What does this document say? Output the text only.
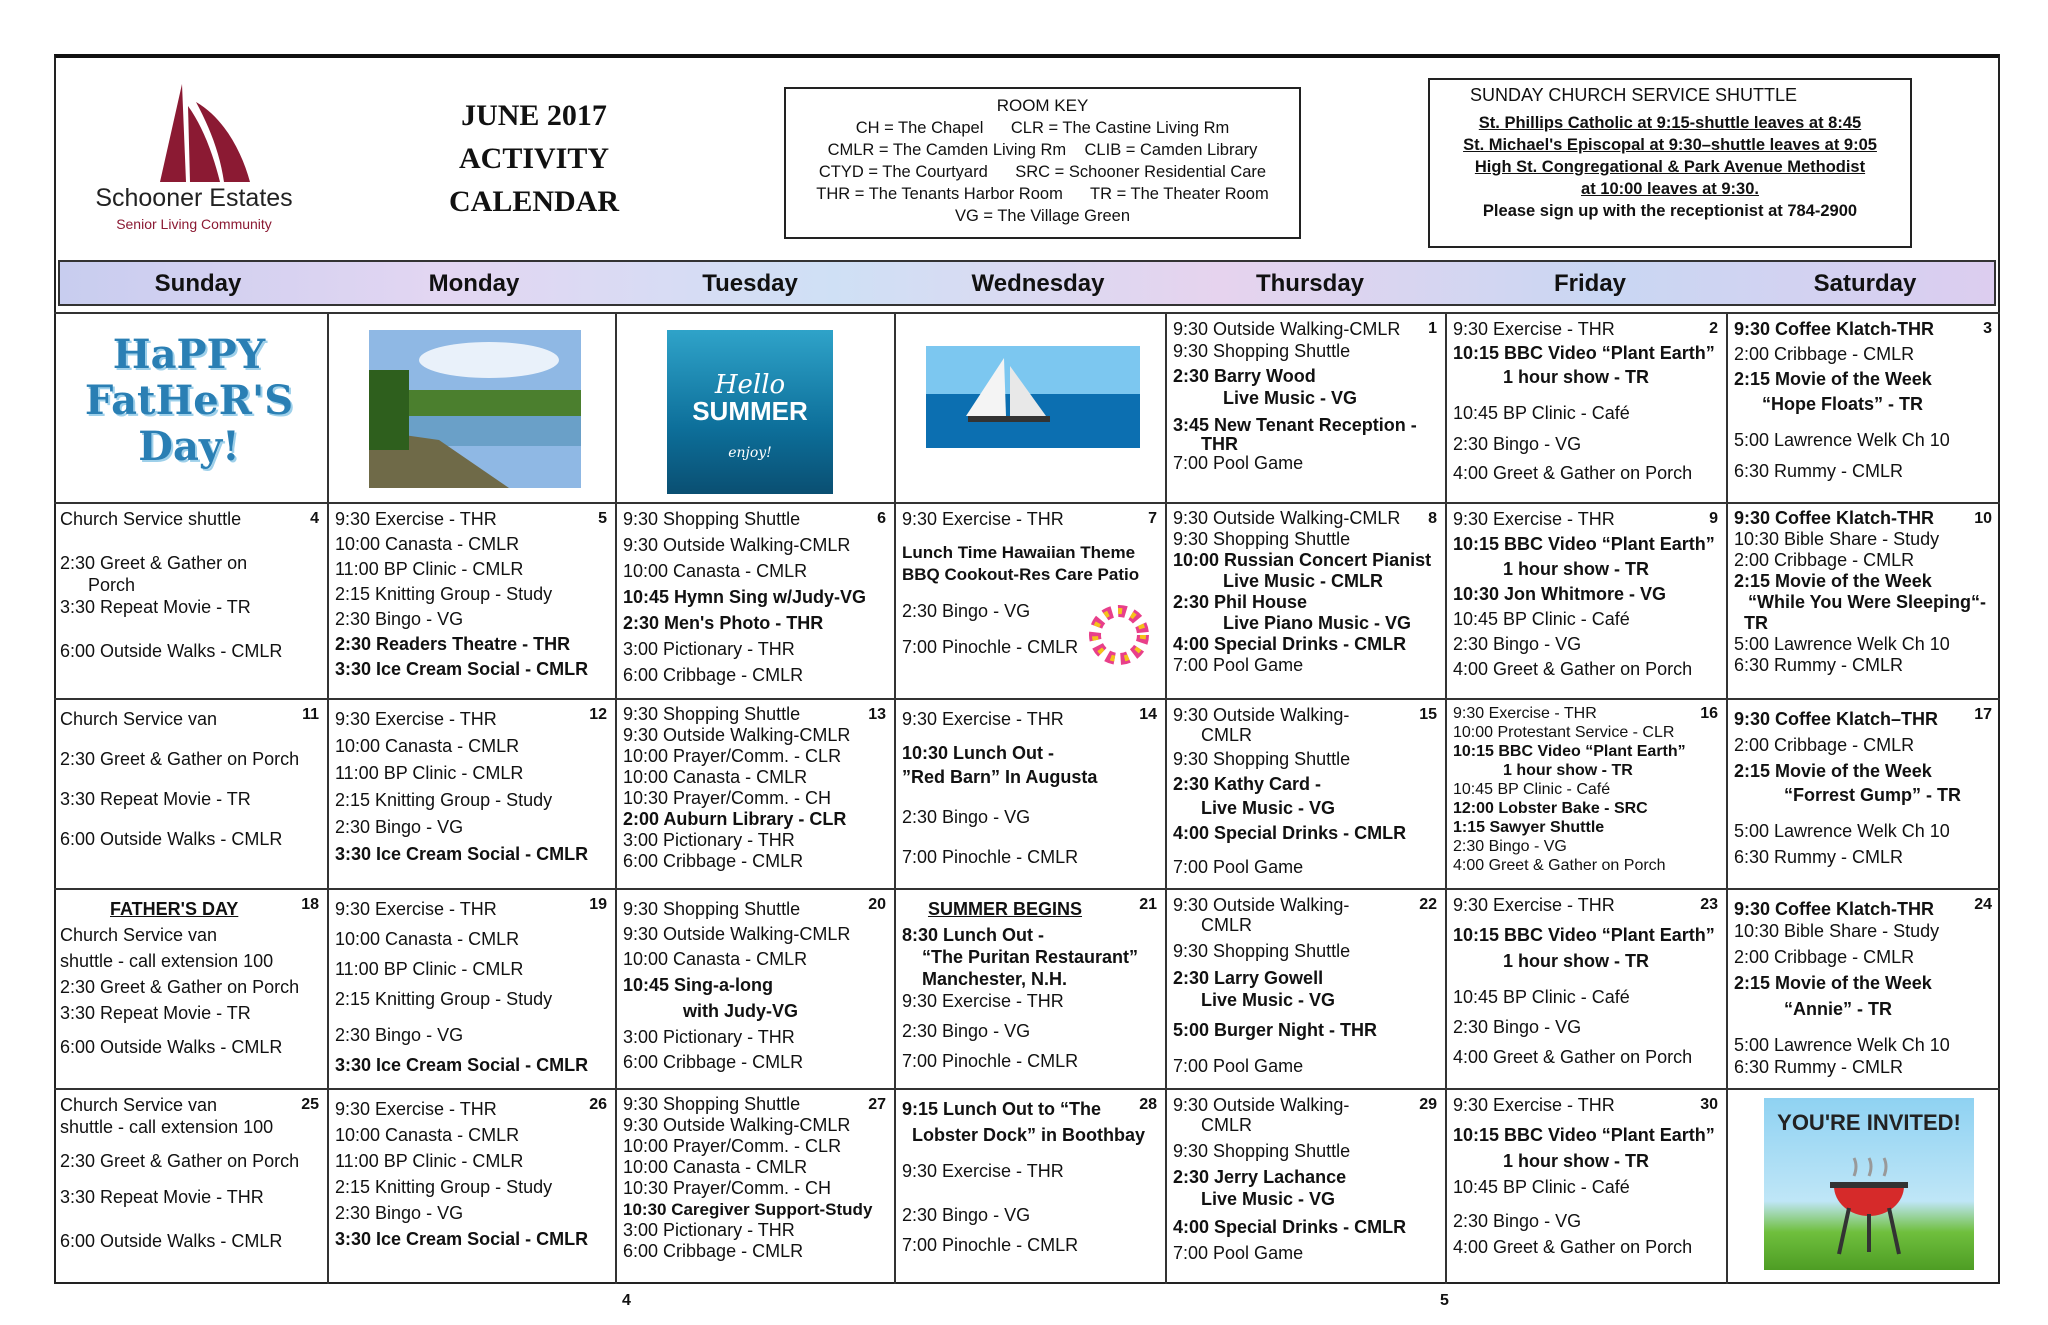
Schooner Estates
Senior Living Community
JUNE 2017
ACTIVITY
CALENDAR
ROOM KEY
CH = The Chapel      CLR = The Castine Living Rm
CMLR = The Camden Living Rm    CLIB = Camden Library
CTYD = The Courtyard      SRC = Schooner Residential Care
THR = The Tenants Harbor Room      TR = The Theater Room
VG = The Village Green
SUNDAY CHURCH SERVICE SHUTTLE
St. Phillips Catholic at 9:15-shuttle leaves at 8:45
St. Michael's Episcopal at 9:30–shuttle leaves at 9:05
High St. Congregational & Park Avenue Methodist
at 10:00 leaves at 9:30.
Please sign up with the receptionist at 784-2900
Sunday	Monday	Tuesday	Wednesday	Thursday	Friday	Saturday
HaPPY
FatHeR'S
Day!
Hello
SUMMER
enjoy!
1
9:30 Outside Walking-CMLR
9:30 Shopping Shuttle
2:30 Barry Wood
Live Music - VG
3:45 New Tenant Reception -
THR
7:00 Pool Game
2
9:30 Exercise - THR
10:15 BBC Video “Plant Earth”
1 hour show - TR
10:45 BP Clinic - Café
2:30 Bingo - VG
4:00 Greet & Gather on Porch
3
9:30 Coffee Klatch-THR
2:00 Cribbage - CMLR
2:15 Movie of the Week
“Hope Floats” - TR
5:00 Lawrence Welk Ch 10
6:30 Rummy - CMLR
4
Church Service shuttle
2:30 Greet & Gather on
Porch
3:30 Repeat Movie - TR
6:00 Outside Walks - CMLR
5
9:30 Exercise - THR
10:00 Canasta - CMLR
11:00 BP Clinic - CMLR
2:15 Knitting Group - Study
2:30 Bingo - VG
2:30 Readers Theatre - THR
3:30 Ice Cream Social - CMLR
6
9:30 Shopping Shuttle
9:30 Outside Walking-CMLR
10:00 Canasta - CMLR
10:45 Hymn Sing w/Judy-VG
2:30 Men's Photo - THR
3:00 Pictionary - THR
6:00 Cribbage - CMLR
7
9:30 Exercise - THR
Lunch Time Hawaiian Theme
BBQ Cookout-Res Care Patio
2:30 Bingo - VG
7:00 Pinochle - CMLR
8
9:30 Outside Walking-CMLR
9:30 Shopping Shuttle
10:00 Russian Concert Pianist
Live Music - CMLR
2:30 Phil House
Live Piano Music - VG
4:00 Special Drinks - CMLR
7:00 Pool Game
9
9:30 Exercise - THR
10:15 BBC Video “Plant Earth”
1 hour show - TR
10:30 Jon Whitmore - VG
10:45 BP Clinic - Café
2:30 Bingo - VG
4:00 Greet & Gather on Porch
10
9:30 Coffee Klatch-THR
10:30 Bible Share - Study
2:00 Cribbage - CMLR
2:15 Movie of the Week
“While You Were Sleeping“-
TR
5:00 Lawrence Welk Ch 10
6:30 Rummy - CMLR
11
Church Service van
2:30 Greet & Gather on Porch
3:30 Repeat Movie - TR
6:00 Outside Walks - CMLR
12
9:30 Exercise - THR
10:00 Canasta - CMLR
11:00 BP Clinic - CMLR
2:15 Knitting Group - Study
2:30 Bingo - VG
3:30 Ice Cream Social - CMLR
13
9:30 Shopping Shuttle
9:30 Outside Walking-CMLR
10:00 Prayer/Comm. - CLR
10:00 Canasta - CMLR
10:30 Prayer/Comm. - CH
2:00 Auburn Library - CLR
3:00 Pictionary - THR
6:00 Cribbage - CMLR
14
9:30 Exercise - THR
10:30 Lunch Out -
”Red Barn” In Augusta
2:30 Bingo - VG
7:00 Pinochle - CMLR
15
9:30 Outside Walking-
CMLR
9:30 Shopping Shuttle
2:30 Kathy Card -
Live Music - VG
4:00 Special Drinks - CMLR
7:00 Pool Game
16
9:30 Exercise - THR
10:00 Protestant Service - CLR
10:15 BBC Video “Plant Earth”
1 hour show - TR
10:45 BP Clinic - Café
12:00 Lobster Bake - SRC
1:15 Sawyer Shuttle
2:30 Bingo - VG
4:00 Greet & Gather on Porch
17
9:30 Coffee Klatch–THR
2:00 Cribbage - CMLR
2:15 Movie of the Week
“Forrest Gump” - TR
5:00 Lawrence Welk Ch 10
6:30 Rummy - CMLR
18
FATHER'S DAY
Church Service van
shuttle - call extension 100
2:30 Greet & Gather on Porch
3:30 Repeat Movie - TR
6:00 Outside Walks - CMLR
19
9:30 Exercise - THR
10:00 Canasta - CMLR
11:00 BP Clinic - CMLR
2:15 Knitting Group - Study
2:30 Bingo - VG
3:30 Ice Cream Social - CMLR
20
9:30 Shopping Shuttle
9:30 Outside Walking-CMLR
10:00 Canasta - CMLR
10:45 Sing-a-long
with Judy-VG
3:00 Pictionary - THR
6:00 Cribbage - CMLR
21
SUMMER BEGINS
8:30 Lunch Out -
“The Puritan Restaurant”
Manchester, N.H.
9:30 Exercise - THR
2:30 Bingo - VG
7:00 Pinochle - CMLR
22
9:30 Outside Walking-
CMLR
9:30 Shopping Shuttle
2:30 Larry Gowell
Live Music - VG
5:00 Burger Night - THR
7:00 Pool Game
23
9:30 Exercise - THR
10:15 BBC Video “Plant Earth”
1 hour show - TR
10:45 BP Clinic - Café
2:30 Bingo - VG
4:00 Greet & Gather on Porch
24
9:30 Coffee Klatch-THR
10:30 Bible Share - Study
2:00 Cribbage - CMLR
2:15 Movie of the Week
“Annie” - TR
5:00 Lawrence Welk Ch 10
6:30 Rummy - CMLR
25
Church Service van
shuttle - call extension 100
2:30 Greet & Gather on Porch
3:30 Repeat Movie - THR
6:00 Outside Walks - CMLR
26
9:30 Exercise - THR
10:00 Canasta - CMLR
11:00 BP Clinic - CMLR
2:15 Knitting Group - Study
2:30 Bingo - VG
3:30 Ice Cream Social - CMLR
27
9:30 Shopping Shuttle
9:30 Outside Walking-CMLR
10:00 Prayer/Comm. - CLR
10:00 Canasta - CMLR
10:30 Prayer/Comm. - CH
10:30 Caregiver Support-Study
3:00 Pictionary - THR
6:00 Cribbage - CMLR
28
9:15 Lunch Out to “The
Lobster Dock” in Boothbay
9:30 Exercise - THR
2:30 Bingo - VG
7:00 Pinochle - CMLR
29
9:30 Outside Walking-
CMLR
9:30 Shopping Shuttle
2:30 Jerry Lachance
Live Music - VG
4:00 Special Drinks - CMLR
7:00 Pool Game
30
9:30 Exercise - THR
10:15 BBC Video “Plant Earth”
1 hour show - TR
10:45 BP Clinic - Café
2:30 Bingo - VG
4:00 Greet & Gather on Porch
YOU'RE INVITED!
4	5
